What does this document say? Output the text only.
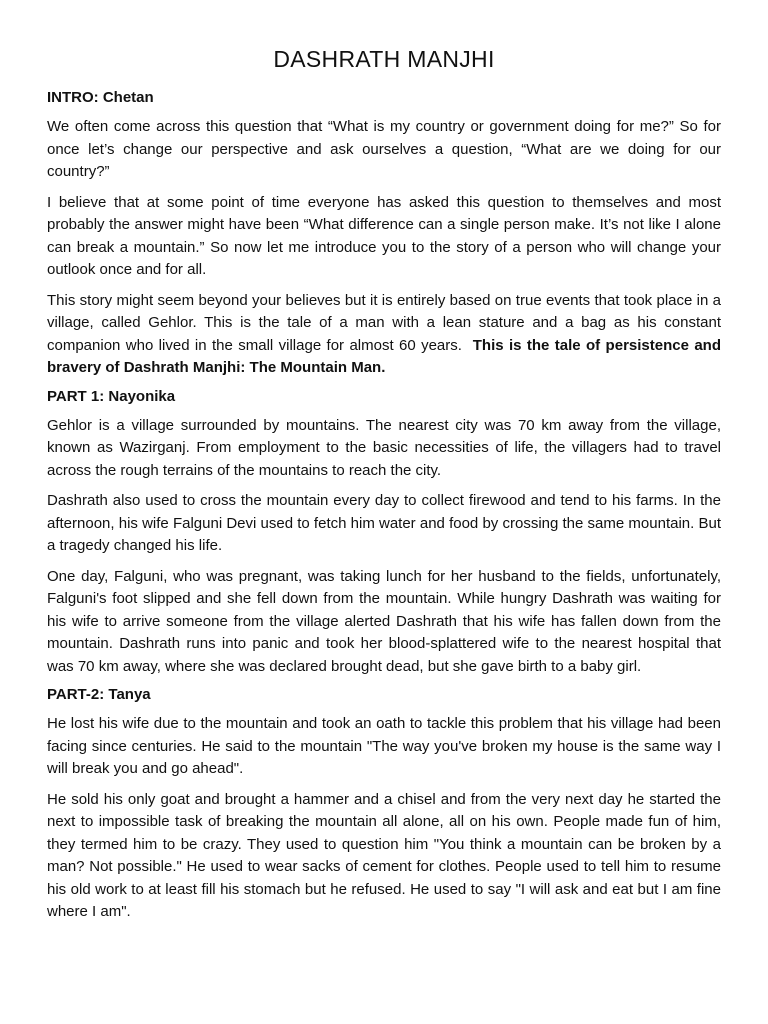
DASHRATH MANJHI
INTRO: Chetan

We often come across this question that “What is my country or government doing for me?” So for once let’s change our perspective and ask ourselves a question, “What are we doing for our country?”

I believe that at some point of time everyone has asked this question to themselves and most probably the answer might have been “What difference can a single person make. It’s not like I alone can break a mountain.” So now let me introduce you to the story of a person who will change your outlook once and for all.

This story might seem beyond your believes but it is entirely based on true events that took place in a village, called Gehlor. This is the tale of a man with a lean stature and a bag as his constant companion who lived in the small village for almost 60 years. This is the tale of persistence and bravery of Dashrath Manjhi: The Mountain Man.

PART 1: Nayonika

Gehlor is a village surrounded by mountains. The nearest city was 70 km away from the village, known as Wazirganj. From employment to the basic necessities of life, the villagers had to travel across the rough terrains of the mountains to reach the city.

Dashrath also used to cross the mountain every day to collect firewood and tend to his farms. In the afternoon, his wife Falguni Devi used to fetch him water and food by crossing the same mountain. But a tragedy changed his life.

One day, Falguni, who was pregnant, was taking lunch for her husband to the fields, unfortunately, Falguni's foot slipped and she fell down from the mountain. While hungry Dashrath was waiting for his wife to arrive someone from the village alerted Dashrath that his wife has fallen down from the mountain. Dashrath runs into panic and took her blood-splattered wife to the nearest hospital that was 70 km away, where she was declared brought dead, but she gave birth to a baby girl.

PART-2: Tanya

He lost his wife due to the mountain and took an oath to tackle this problem that his village had been facing since centuries. He said to the mountain "The way you've broken my house is the same way I will break you and go ahead".

He sold his only goat and brought a hammer and a chisel and from the very next day he started the next to impossible task of breaking the mountain all alone, all on his own. People made fun of him, they termed him to be crazy. They used to question him "You think a mountain can be broken by a man? Not possible." He used to wear sacks of cement for clothes. People used to tell him to resume his old work to at least fill his stomach but he refused. He used to say "I will ask and eat but I am fine where I am".
